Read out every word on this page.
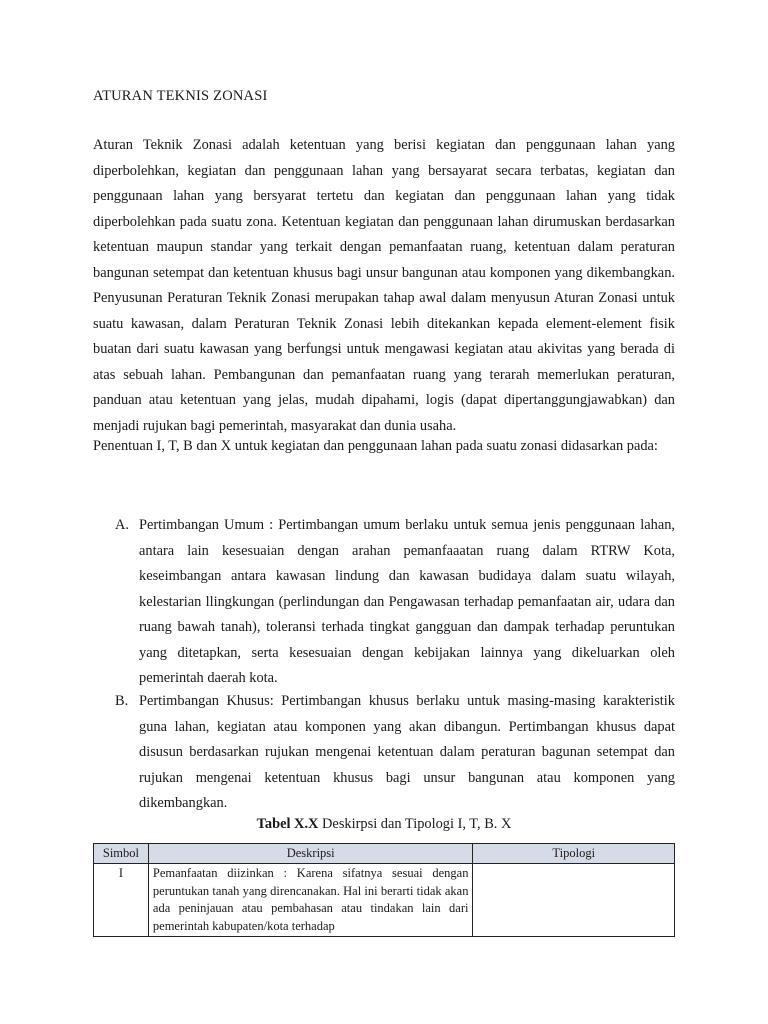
ATURAN TEKNIS ZONASI

Aturan Teknik Zonasi adalah ketentuan yang berisi kegiatan dan penggunaan lahan yang diperbolehkan, kegiatan dan penggunaan lahan yang bersayarat secara terbatas, kegiatan dan penggunaan lahan yang bersyarat tertetu dan kegiatan dan penggunaan lahan yang tidak diperbolehkan pada suatu zona. Ketentuan kegiatan dan penggunaan lahan dirumuskan berdasarkan ketentuan maupun standar yang terkait dengan pemanfaatan ruang, ketentuan dalam peraturan bangunan setempat dan ketentuan khusus bagi unsur bangunan atau komponen yang dikembangkan. Penyusunan Peraturan Teknik Zonasi merupakan tahap awal dalam menyusun Aturan Zonasi untuk suatu kawasan, dalam Peraturan Teknik Zonasi lebih ditekankan kepada element-element fisik buatan dari suatu kawasan yang berfungsi untuk mengawasi kegiatan atau akivitas yang berada di atas sebuah lahan. Pembangunan dan pemanfaatan ruang yang terarah memerlukan peraturan, panduan atau ketentuan yang jelas, mudah dipahami, logis (dapat dipertanggungjawabkan) dan menjadi rujukan bagi pemerintah, masyarakat dan dunia usaha.

Penentuan I, T, B dan X untuk kegiatan dan penggunaan lahan pada suatu zonasi didasarkan pada:

A. Pertimbangan Umum : Pertimbangan umum berlaku untuk semua jenis penggunaan lahan, antara lain kesesuaian dengan arahan pemanfaaatan ruang dalam RTRW Kota, keseimbangan antara kawasan lindung dan kawasan budidaya dalam suatu wilayah, kelestarian llingkungan (perlindungan dan Pengawasan terhadap pemanfaatan air, udara dan ruang bawah tanah), toleransi terhada tingkat gangguan dan dampak terhadap peruntukan yang ditetapkan, serta kesesuaian dengan kebijakan lainnya yang dikeluarkan oleh pemerintah daerah kota.
B. Pertimbangan Khusus: Pertimbangan khusus berlaku untuk masing-masing karakteristik guna lahan, kegiatan atau komponen yang akan dibangun. Pertimbangan khusus dapat disusun berdasarkan rujukan mengenai ketentuan dalam peraturan bagunan setempat dan rujukan mengenai ketentuan khusus bagi unsur bangunan atau komponen yang dikembangkan.

Tabel X.X Deskirpsi dan Tipologi I, T, B. X

Simbol	Deskripsi	Tipologi
I	Pemanfaatan diizinkan : Karena sifatnya sesuai dengan peruntukan tanah yang direncanakan. Hal ini berarti tidak akan ada peninjauan atau pembahasan atau tindakan lain dari pemerintah kabupaten/kota terhadap	
